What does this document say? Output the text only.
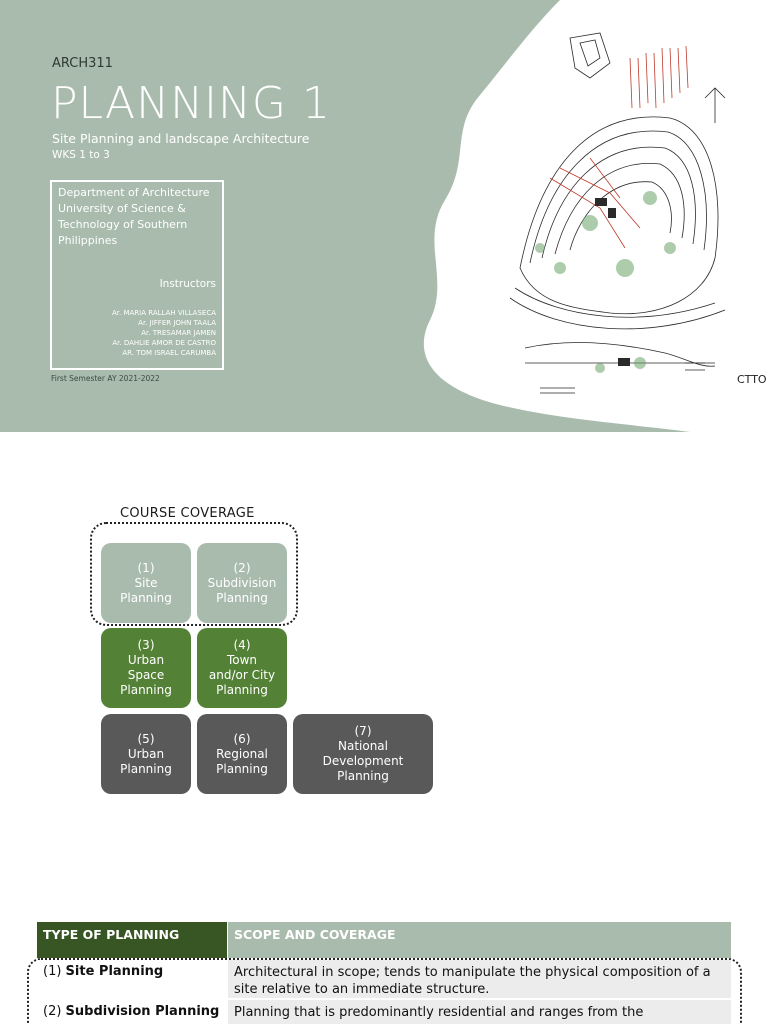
ARCH311
PLANNING 1
Site Planning and landscape Architecture
WKS 1 to 3
Department of Architecture University of Science & Technology of Southern Philippines
Instructors
Ar. MARIA RALLAH VILLASECA
Ar. JIFFER JOHN TAALA
Ar. TRESAMAR JAMEN
Ar. DAHLIE AMOR DE CASTRO
AR. TOM ISRAEL CARUMBA
First Semester AY 2021-2022	CTTO
COURSE COVERAGE
(1)
Site
Planning
(2)
Subdivision
Planning
(3)
Urban
Space
Planning
(4)
Town
and/or City
Planning
(5)
Urban
Planning
(6)
Regional
Planning
(7)
National
Development
Planning
TYPE OF PLANNING	SCOPE AND COVERAGE
(1) Site Planning	Architectural in scope; tends to manipulate the physical composition of a site relative to an immediate structure.
(2) Subdivision Planning	Planning that is predominantly residential and ranges from the
